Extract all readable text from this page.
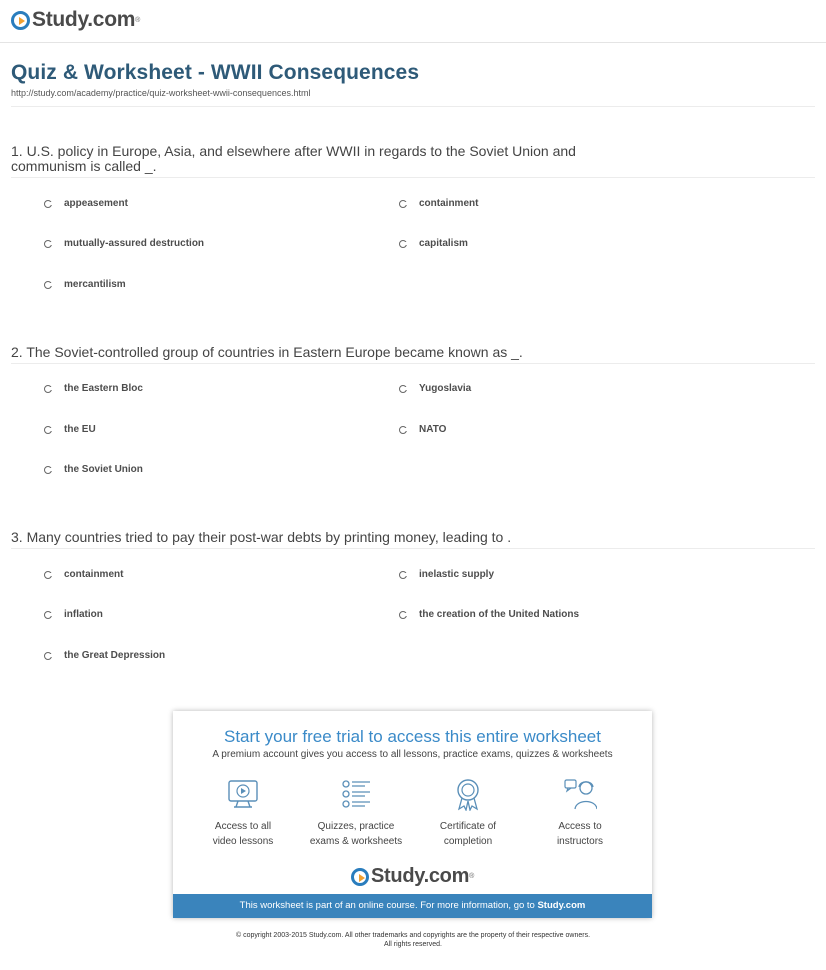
Study.com ®
Quiz & Worksheet - WWII Consequences
http://study.com/academy/practice/quiz-worksheet-wwii-consequences.html
1. U.S. policy in Europe, Asia, and elsewhere after WWII in regards to the Soviet Union and communism is called _.
appeasement	containment
mutually-assured destruction	capitalism
mercantilism
2. The Soviet-controlled group of countries in Eastern Europe became known as _.
the Eastern Bloc	Yugoslavia
the EU	NATO
the Soviet Union
3. Many countries tried to pay their post-war debts by printing money, leading to .
containment	inelastic supply
inflation	the creation of the United Nations
the Great Depression
Start your free trial to access this entire worksheet
A premium account gives you access to all lessons, practice exams, quizzes & worksheets
Access to all
video lessons
Quizzes, practice
exams & worksheets
Certificate of
completion
Access to
instructors
Study.com ®
This worksheet is part of an online course. For more information, go to Study.com
© copyright 2003-2015 Study.com. All other trademarks and copyrights are the property of their respective owners.
All rights reserved.
